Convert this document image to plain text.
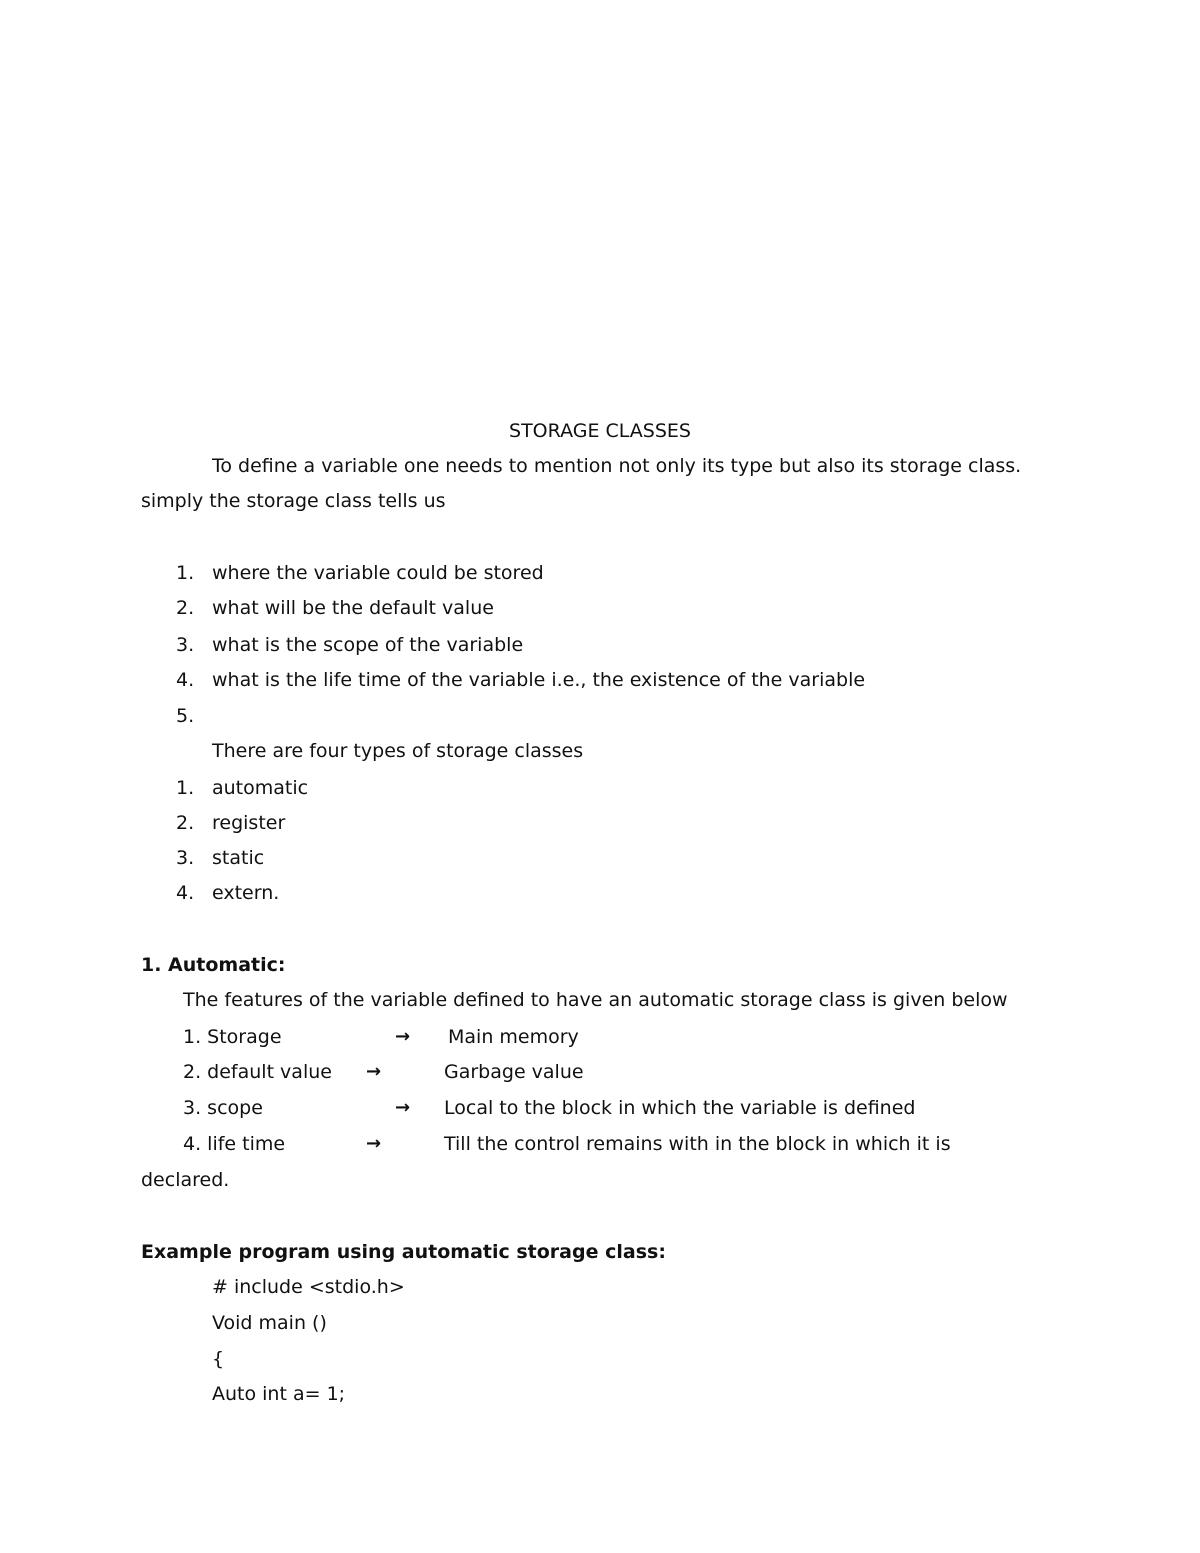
STORAGE CLASSES
To define a variable one needs to mention not only its type but also its storage class.
simply the storage class tells us
1. where the variable could be stored
2. what will be the default value
3. what is the scope of the variable
4. what is the life time of the variable i.e., the existence of the variable
5.
There are four types of storage classes
1. automatic
2. register
3. static
4. extern.
1. Automatic:
The features of the variable defined to have an automatic storage class is given below
1. Storage	→ Main memory
2. default value →	Garbage value
3. scope	→ Local to the block in which the variable is defined
4. life time	→	Till the control remains with in the block in which it is
declared.
Example program using automatic storage class:
# include <stdio.h>
Void main ()
{
Auto int a= 1;
